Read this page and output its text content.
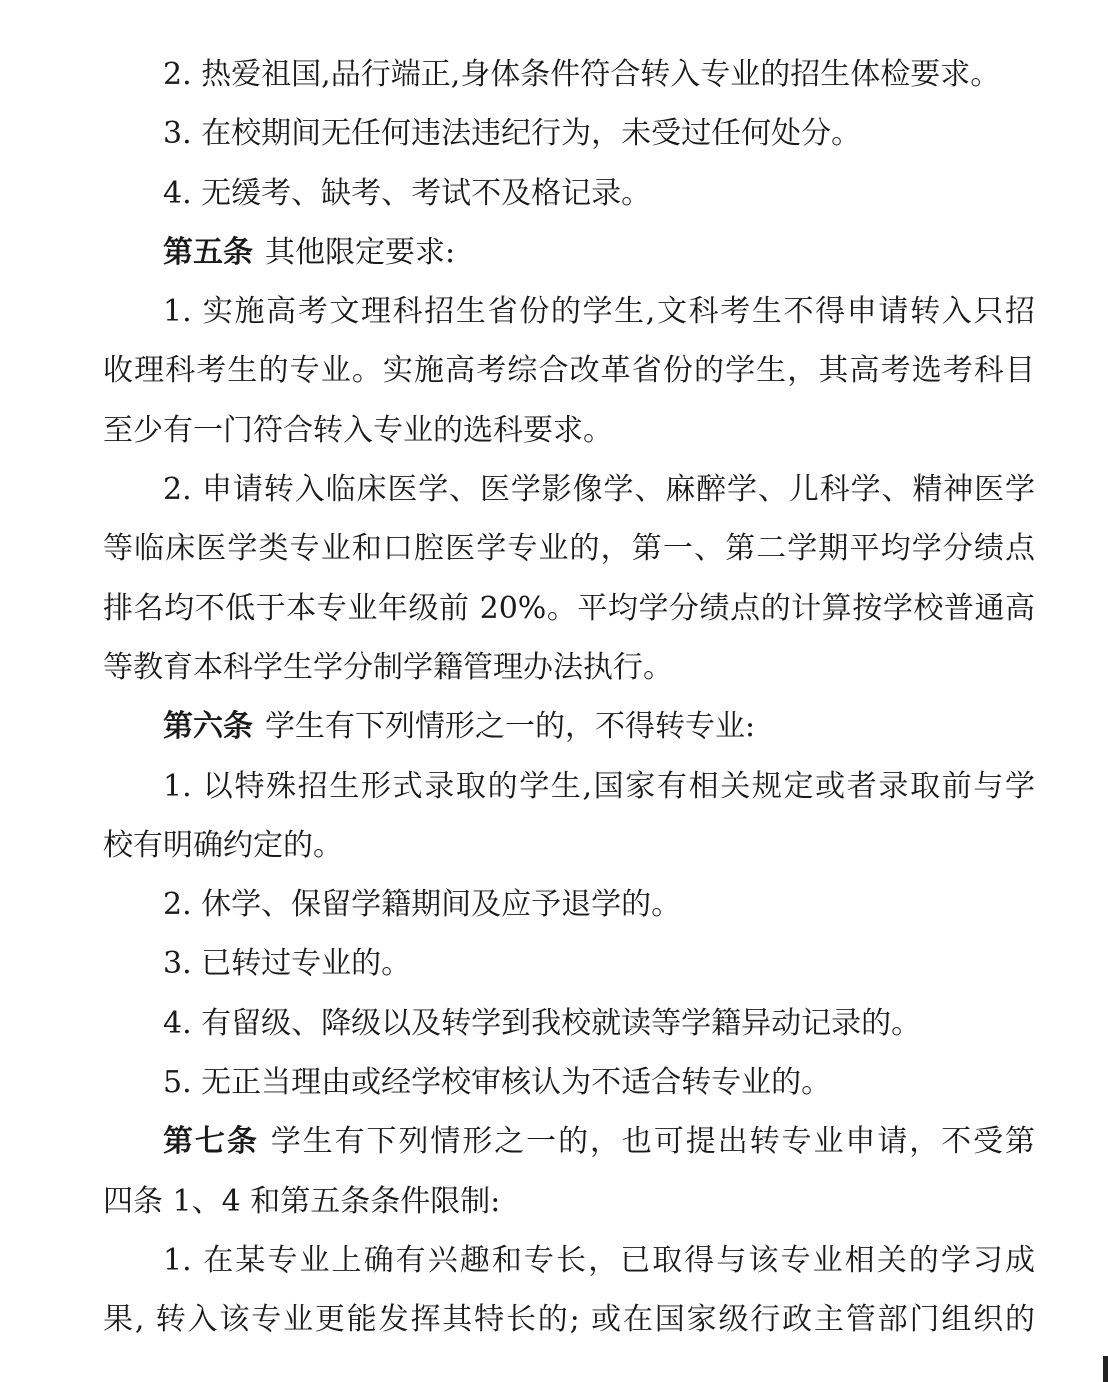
2. 热爱祖国,品行端正,身体条件符合转入专业的招生体检要求。
3. 在校期间无任何违法违纪行为，未受过任何处分。
4. 无缓考、缺考、考试不及格记录。
第五条 其他限定要求:
1. 实施高考文理科招生省份的学生,文科考生不得申请转入只招
收理科考生的专业。实施高考综合改革省份的学生，其高考选考科目
至少有一门符合转入专业的选科要求。
2. 申请转入临床医学、医学影像学、麻醉学、儿科学、精神医学
等临床医学类专业和口腔医学专业的，第一、第二学期平均学分绩点
排名均不低于本专业年级前 20%。平均学分绩点的计算按学校普通高
等教育本科学生学分制学籍管理办法执行。
第六条 学生有下列情形之一的，不得转专业:
1. 以特殊招生形式录取的学生,国家有相关规定或者录取前与学
校有明确约定的。
2. 休学、保留学籍期间及应予退学的。
3. 已转过专业的。
4. 有留级、降级以及转学到我校就读等学籍异动记录的。
5. 无正当理由或经学校审核认为不适合转专业的。
第七条 学生有下列情形之一的，也可提出转专业申请，不受第
四条 1、4 和第五条条件限制:
1. 在某专业上确有兴趣和专长，已取得与该专业相关的学习成
果, 转入该专业更能发挥其特长的; 或在国家级行政主管部门组织的
